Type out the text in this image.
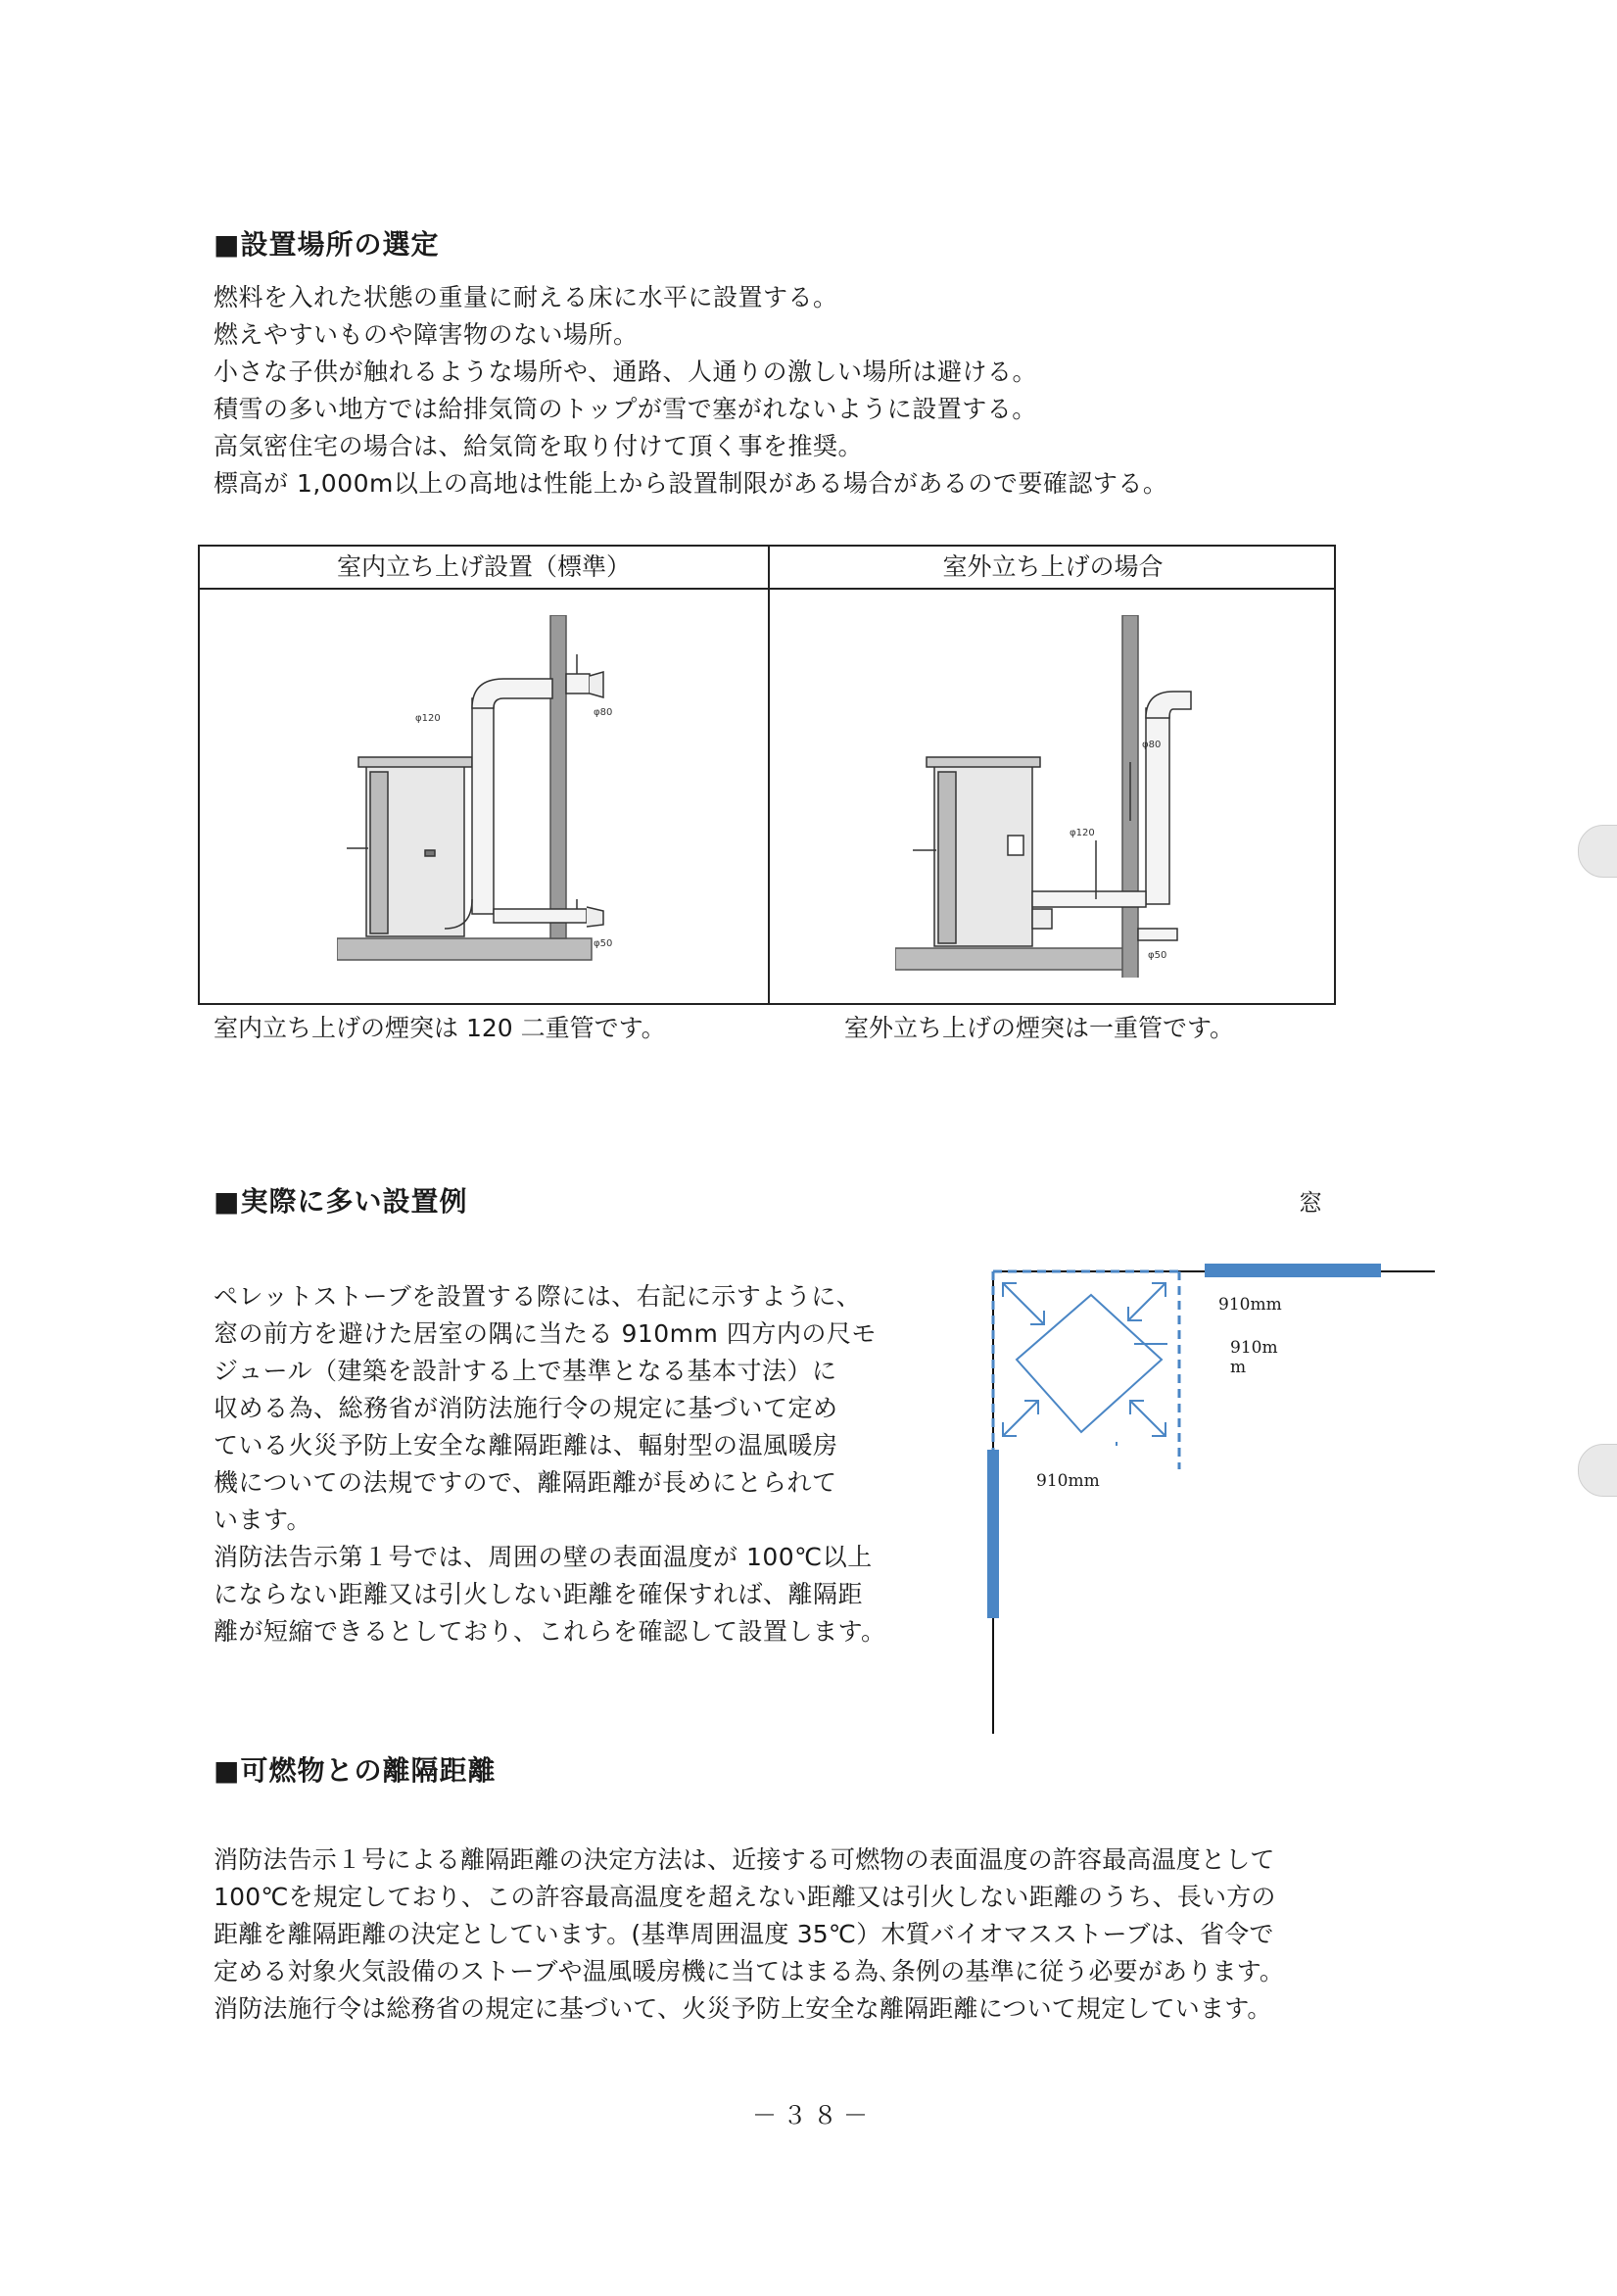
■設置場所の選定
燃料を入れた状態の重量に耐える床に水平に設置する。
燃えやすいものや障害物のない場所。
小さな子供が触れるような場所や、通路、人通りの激しい場所は避ける。
積雪の多い地方では給排気筒のトップが雪で塞がれないように設置する。
高気密住宅の場合は、給気筒を取り付けて頂く事を推奨。
標高が 1,000m以上の高地は性能上から設置制限がある場合があるので要確認する。
室内立ち上げ設置（標準）	室外立ち上げの場合
φ120
φ80
φ50
φ80
φ120
φ50
室内立ち上げの煙突は 120 二重管です。	室外立ち上げの煙突は一重管です。
■実際に多い設置例
ペレットストーブを設置する際には、右記に示すように、
窓の前方を避けた居室の隅に当たる 910mm 四方内の尺モ
ジュール（建築を設計する上で基準となる基本寸法）に
収める為、総務省が消防法施行令の規定に基づいて定め
ている火災予防上安全な離隔距離は、輻射型の温風暖房
機についての法規ですので、離隔距離が長めにとられて
います。
消防法告示第１号では、周囲の壁の表面温度が 100℃以上
にならない距離又は引火しない距離を確保すれば、離隔距
離が短縮できるとしており、これらを確認して設置します。
窓
910mm
910m
m
910mm
■可燃物との離隔距離
消防法告示１号による離隔距離の決定方法は、近接する可燃物の表面温度の許容最高温度として
100℃を規定しており、この許容最高温度を超えない距離又は引火しない距離のうち、長い方の
距離を離隔距離の決定としています。(基準周囲温度 35℃）木質バイオマスストーブは、省令で
定める対象火気設備のストーブや温風暖房機に当てはまる為､条例の基準に従う必要があります。
消防法施行令は総務省の規定に基づいて、火災予防上安全な離隔距離について規定しています。
－３８－
